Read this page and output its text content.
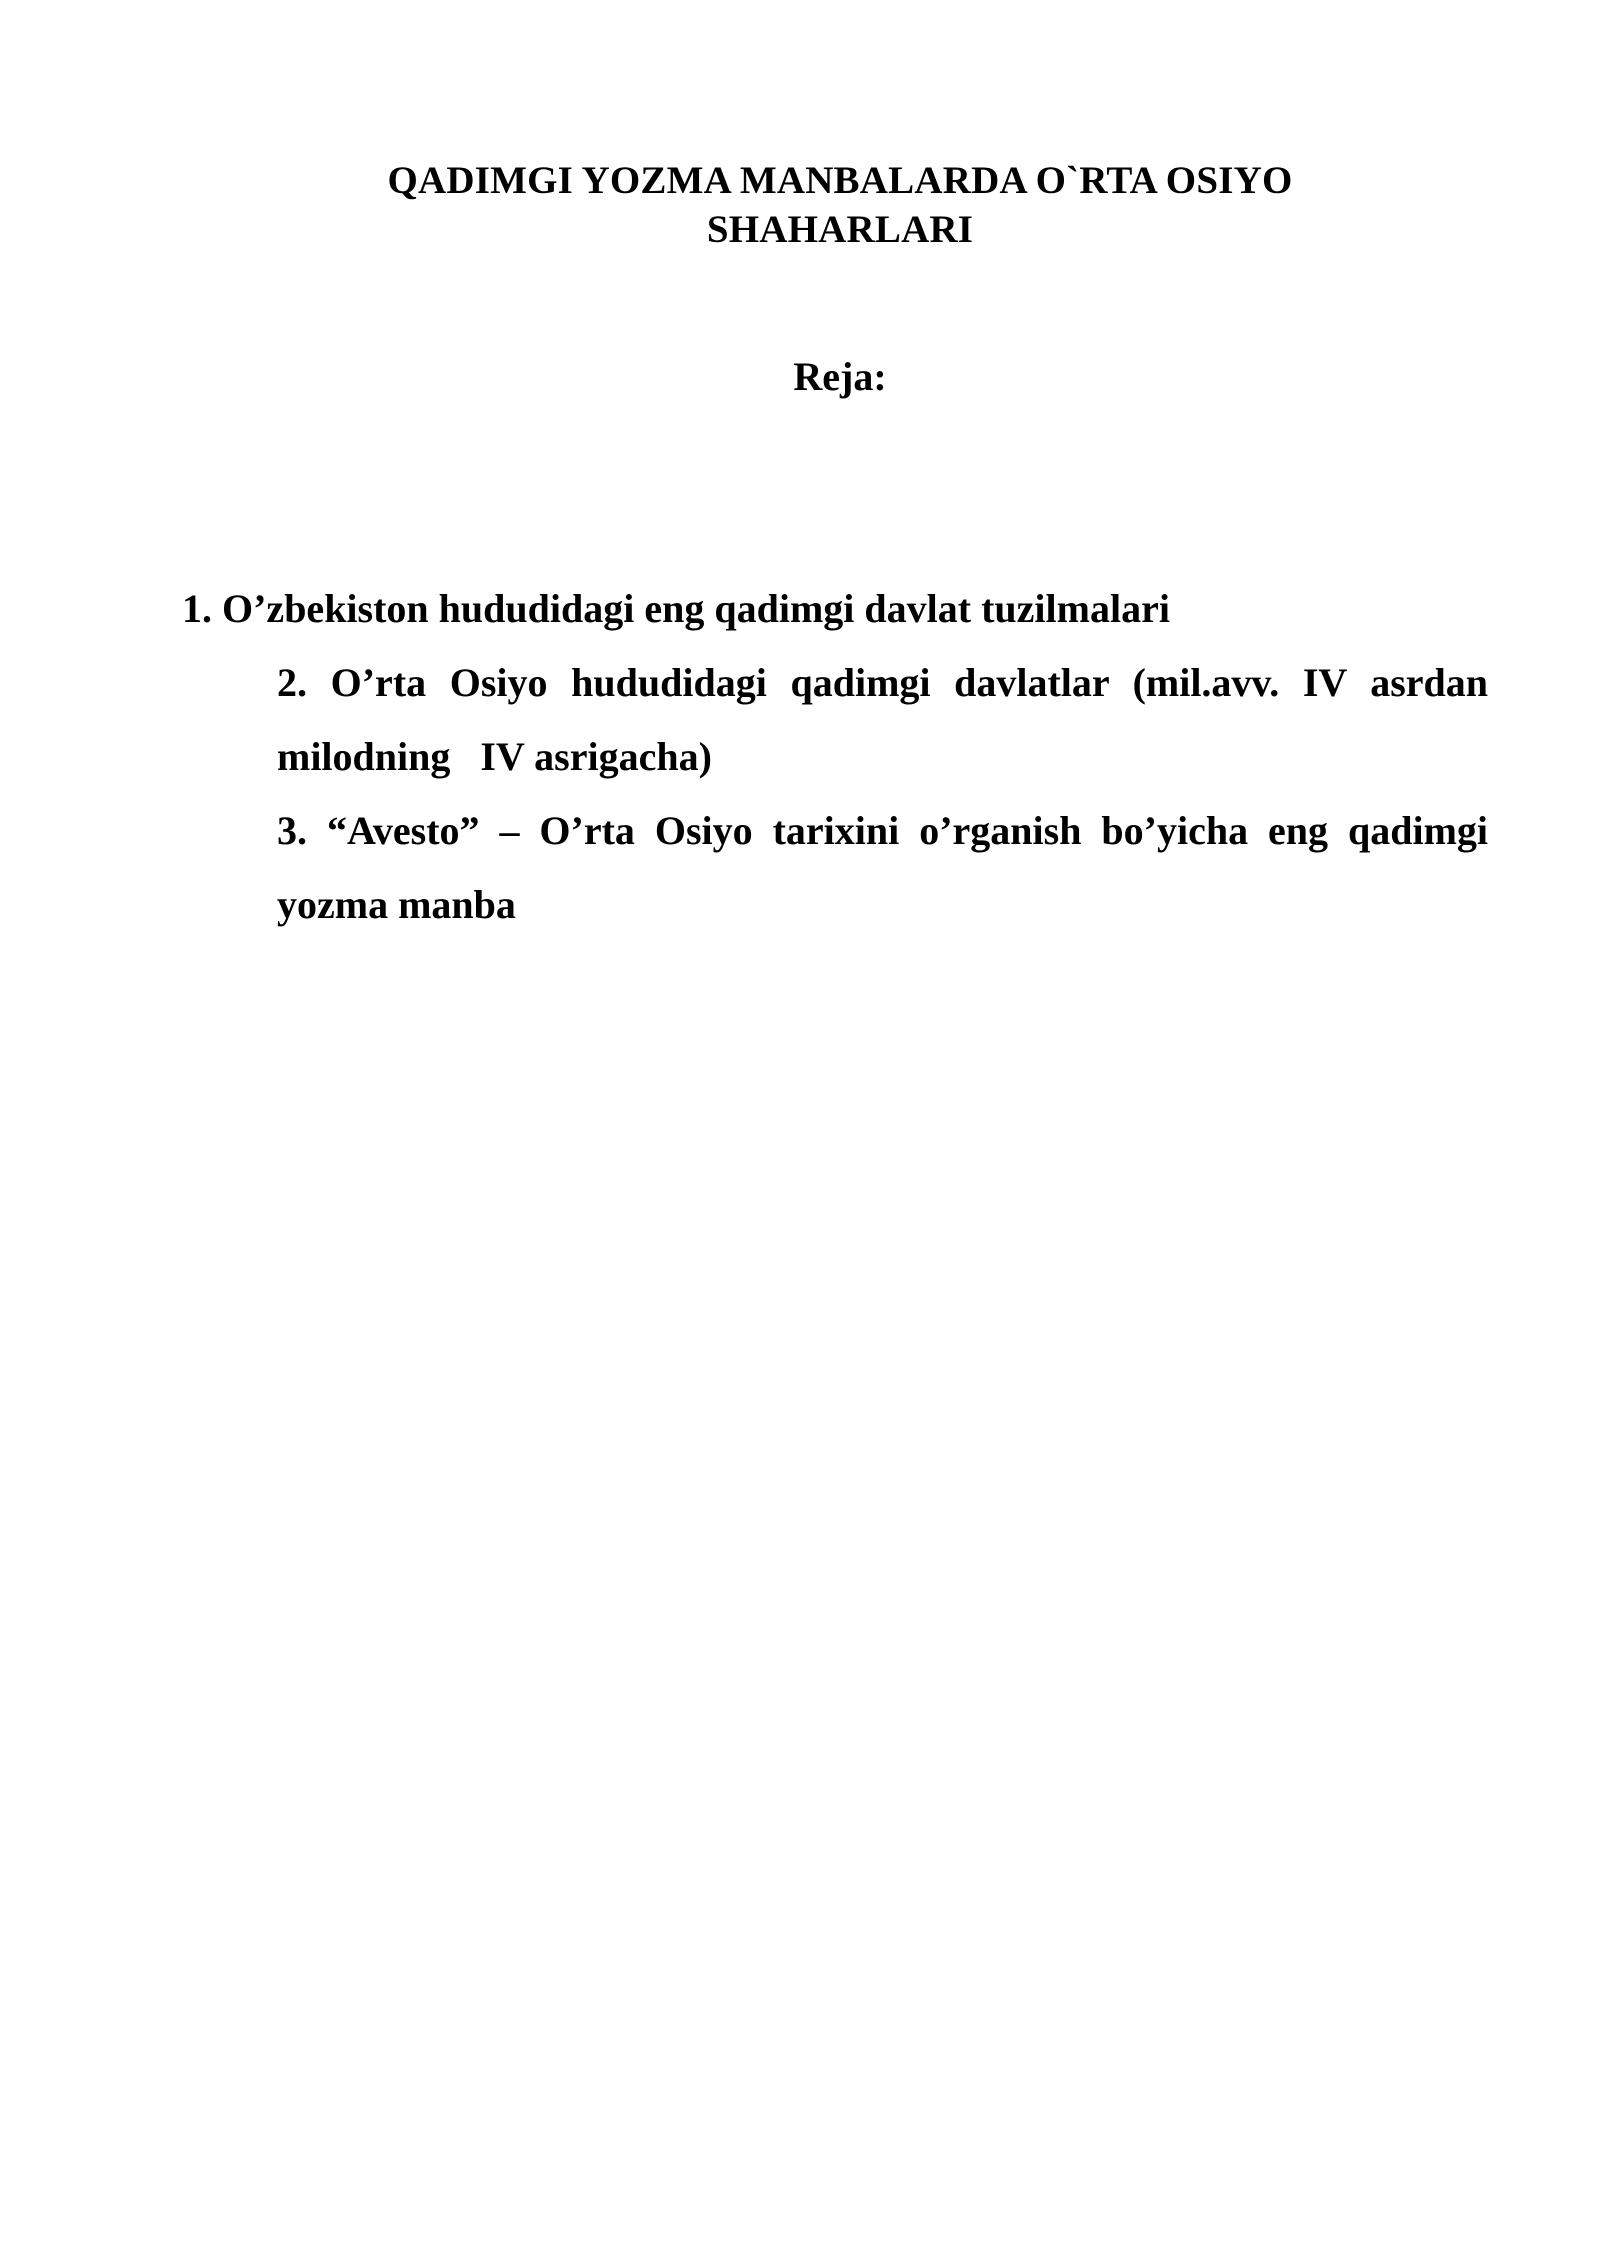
QADIMGI YOZMA MANBALARDA O`RTA OSIYO
SHAHARLARI
Reja:
1. O’zbekiston hududidagi eng qadimgi davlat tuzilmalari
2. O’rta Osiyo hududidagi qadimgi davlatlar (mil.avv. IV asrdan
milodning   IV asrigacha)
3. “Avesto” – O’rta Osiyo tarixini o’rganish bo’yicha eng qadimgi
yozma manba
